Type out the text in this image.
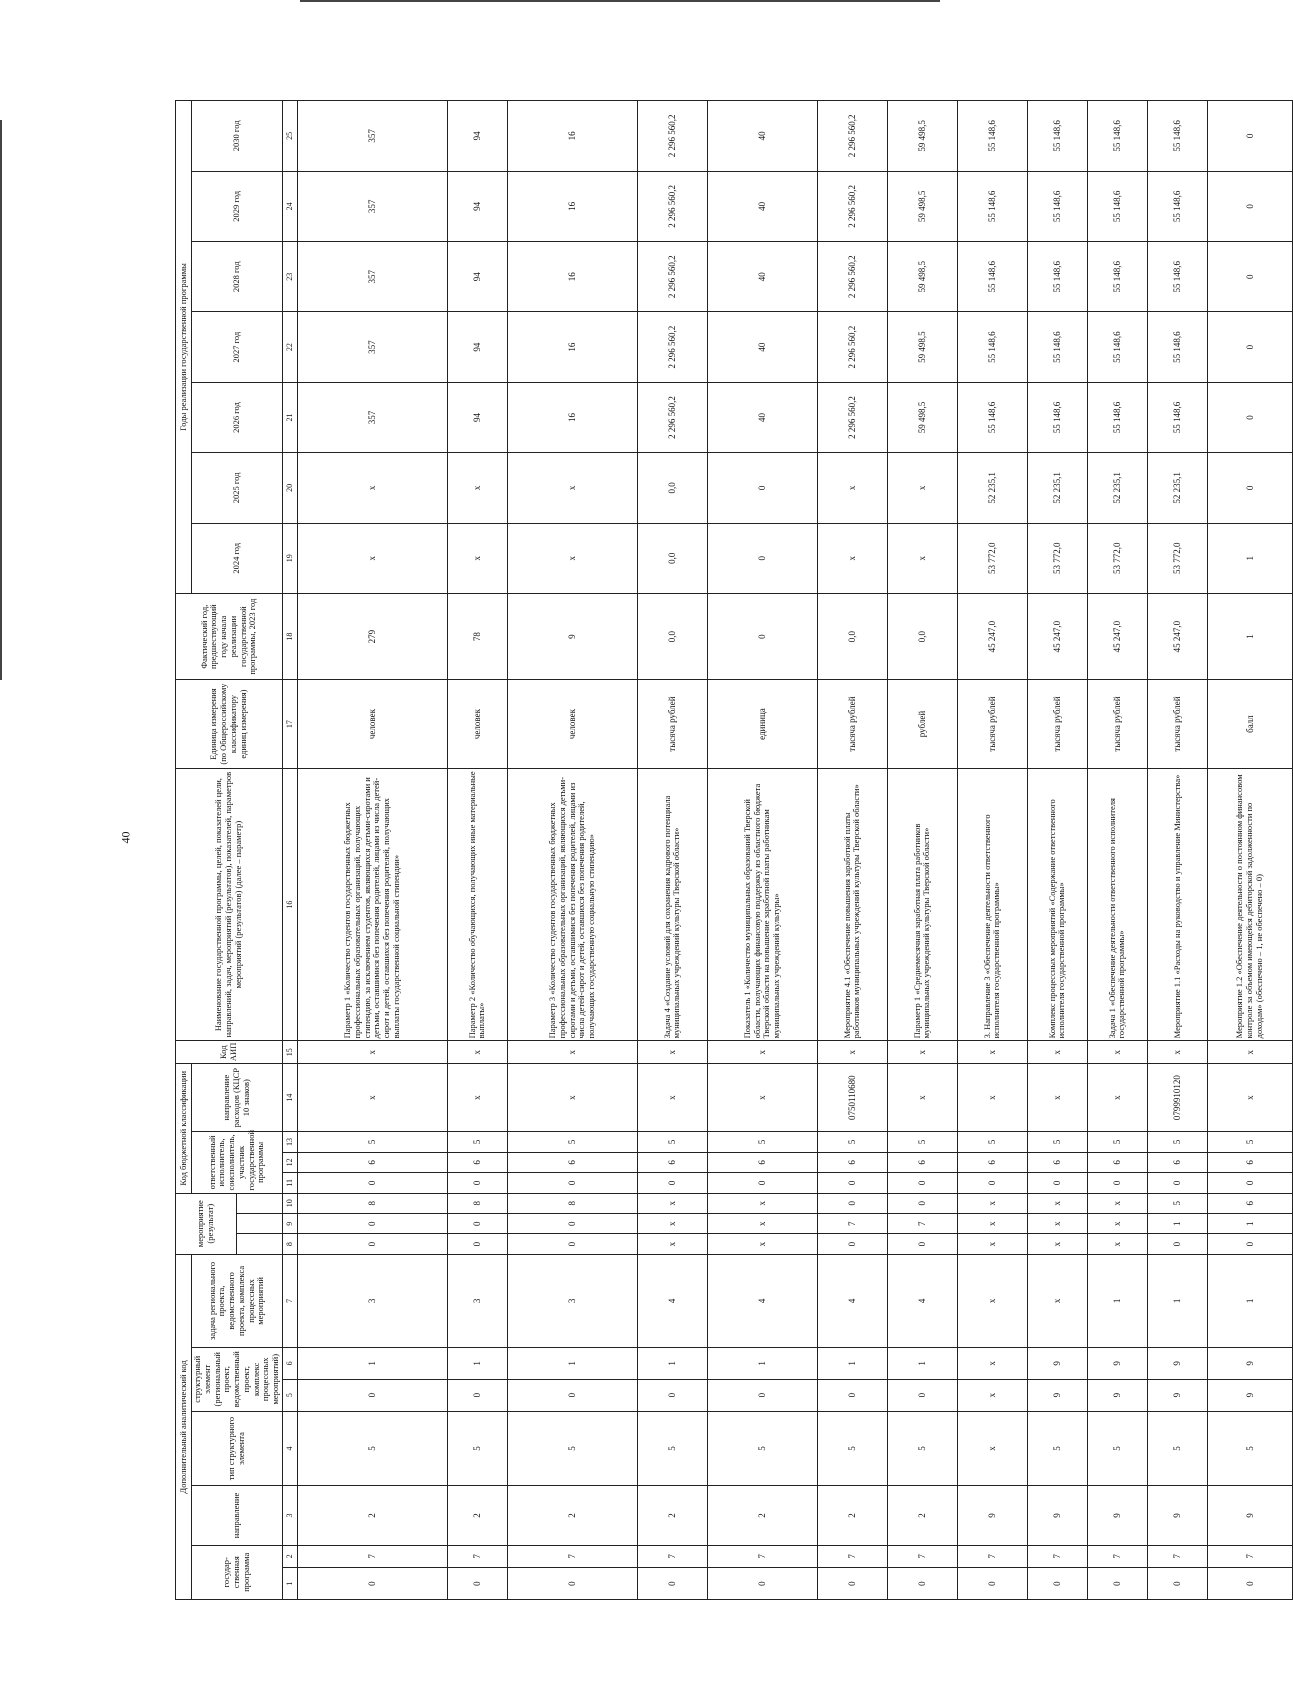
40
Дополнительный аналитический код							мероприятие (результат)			Код бюджетной классификации				Код АИП	Наименование государственной программы, целей, показателей цели, направлений, задач, мероприятий (результатов), показателей, параметров мероприятий (результатов) (далее – параметр)	Единица измерения (по Общероссийскому классификатору единиц измерения)	Фактический год, предшествующий году начала реализации государственной программы, 2023 год	Годы реализации государственной программы						
государ-ственная программа		направление	тип структурного элемента	структурный элемент (региональный проект, ведомственный проект, комплекс процессных мероприятий)		задача регионального проекта, ведомственного проекта, комплекса процессных мероприятий				ответственный исполнитель, соисполнитель, участник государственной программы			направление расходов (КЦСР 10 знаков)					2024 год	2025 год	2026 год	2027 год	2028 год	2029 год	2030 год

1	2	3	4	5	6	7	8	9	10	11	12	13	14	15	16	17	18	19	20	21	22	23	24	25
0	7	2	5	0	1	3	0	0	8	0	6	5	х	х	Параметр 1 «Количество студентов государственных бюджетных профессиональных образовательных организаций, получающих стипендию, за исключением студентов, являющихся детьми-сиротами и детьми, оставшимися без попечения родителей, лицами из числа детей-сирот и детей, оставшихся без попечения родителей, получающих выплаты государственной социальной стипендии»	человек	279	х	х	357	357	357	357	357
0	7	2	5	0	1	3	0	0	8	0	6	5	х	х	Параметр 2 «Количество обучающихся, получающих иные материальные выплаты»	человек	78	х	х	94	94	94	94	94
0	7	2	5	0	1	3	0	0	8	0	6	5	х	х	Параметр 3 «Количество студентов государственных бюджетных профессиональных образовательных организаций, являющихся детьми-сиротами и детьми, оставшимися без попечения родителей, лицами из числа детей-сирот и детей, оставшихся без попечения родителей, получающих государственную социальную стипендию»	человек	9	х	х	16	16	16	16	16
0	7	2	5	0	1	4	х	х	х	0	6	5	х	х	Задача 4 «Создание условий для сохранения кадрового потенциала муниципальных учреждений культуры Тверской области»	тысяча рублей	0,0	0,0	0,0	2 296 560,2	2 296 560,2	2 296 560,2	2 296 560,2	2 296 560,2
0	7	2	5	0	1	4	х	х	х	0	6	5	х	х	Показатель 1 «Количество муниципальных образований Тверской области, получающих финансовую поддержку из областного бюджета Тверской области на повышение заработной платы работникам муниципальных учреждений культуры»	единица	0	0	0	40	40	40	40	40
0	7	2	5	0	1	4	0	7	0	0	6	5	0750110680	х	Мероприятие 4.1 «Обеспечение повышения заработной платы работников муниципальных учреждений культуры Тверской области»	тысяча рублей	0,0	х	х	2 296 560,2	2 296 560,2	2 296 560,2	2 296 560,2	2 296 560,2
0	7	2	5	0	1	4	0	7	0	0	6	5	х	х	Параметр 1 «Среднемесячная заработная плата работников муниципальных учреждений культуры Тверской области»	рублей	0,0	х	х	59 498,5	59 498,5	59 498,5	59 498,5	59 498,5
0	7	9	х	х	х	х	х	х	х	0	6	5	х	х	3. Направление 3 «Обеспечение деятельности ответственного исполнителя государственной программы»	тысяча рублей	45 247,0	53 772,0	52 235,1	55 148,6	55 148,6	55 148,6	55 148,6	55 148,6
0	7	9	5	9	9	х	х	х	х	0	6	5	х	х	Комплекс процессных мероприятий «Содержание ответственного исполнителя государственной программы»	тысяча рублей	45 247,0	53 772,0	52 235,1	55 148,6	55 148,6	55 148,6	55 148,6	55 148,6
0	7	9	5	9	9	1	х	х	х	0	6	5	х	х	Задача 1 «Обеспечение деятельности ответственного исполнителя государственной программы»	тысяча рублей	45 247,0	53 772,0	52 235,1	55 148,6	55 148,6	55 148,6	55 148,6	55 148,6
0	7	9	5	9	9	1	0	1	5	0	6	5	0799910120	х	Мероприятие 1.1 «Расходы на руководство и управление Министерства»	тысяча рублей	45 247,0	53 772,0	52 235,1	55 148,6	55 148,6	55 148,6	55 148,6	55 148,6
0	7	9	5	9	9	1	0	1	6	0	6	5	х	х	Мероприятие 1.2 «Обеспечение деятельности о постоянном финансовом контроле за объемом имеющейся дебиторской задолженности по доходам» (обеспечено – 1, не обеспечено – 0)	балл	1	1	0	0	0	0	0	0
